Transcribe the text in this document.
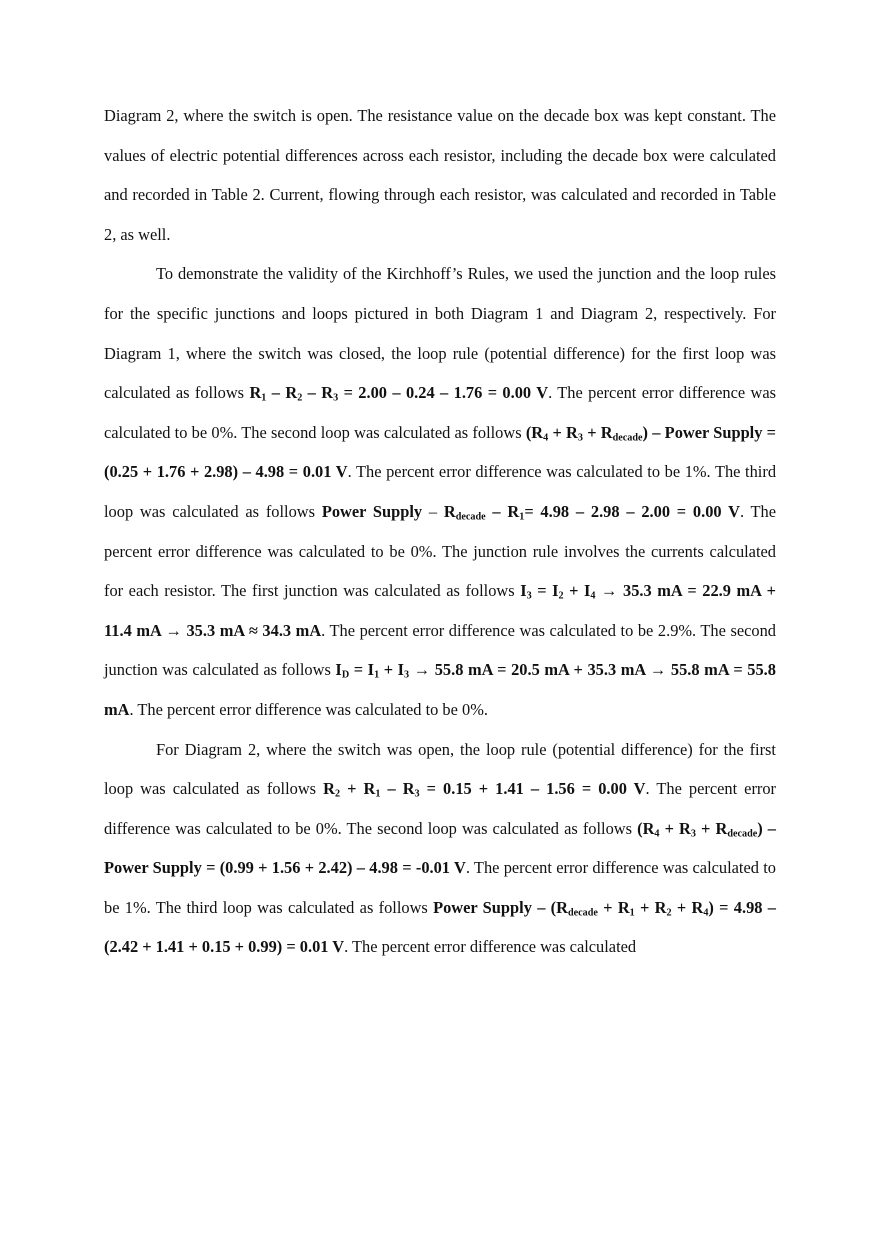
Diagram 2, where the switch is open. The resistance value on the decade box was kept constant. The values of electric potential differences across each resistor, including the decade box were calculated and recorded in Table 2. Current, flowing through each resistor, was calculated and recorded in Table 2, as well.

To demonstrate the validity of the Kirchhoff’s Rules, we used the junction and the loop rules for the specific junctions and loops pictured in both Diagram 1 and Diagram 2, respectively. For Diagram 1, where the switch was closed, the loop rule (potential difference) for the first loop was calculated as follows $R_1 - R_2 - R_3 = 2.00 - 0.24 - 1.76 = 0.00$ V. The percent error difference was calculated to be 0%. The second loop was calculated as follows $(R_4 + R_3 + R_{decade})$ – Power Supply = (0.25 + 1.76 + 2.98) – 4.98 = 0.01 V. The percent error difference was calculated to be 1%. The third loop was calculated as follows Power Supply – $R_{decade} - R_1= 4.98 - 2.98 - 2.00 = 0.00$ V. The percent error difference was calculated to be 0%. The junction rule involves the currents calculated for each resistor. The first junction was calculated as follows $I_3 = I_2 + I_4 \to 35.3$ mA = 22.9 mA + 11.4 mA → 35.3 mA ≈ 34.3 mA. The percent error difference was calculated to be 2.9%. The second junction was calculated as follows $I_D = I_1 + I_3 \to 55.8$ mA = 20.5 mA + 35.3 mA → 55.8 mA = 55.8 mA. The percent error difference was calculated to be 0%.

For Diagram 2, where the switch was open, the loop rule (potential difference) for the first loop was calculated as follows $R_2 + R_1 - R_3 = 0.15 + 1.41 - 1.56 = 0.00$ V. The percent error difference was calculated to be 0%. The second loop was calculated as follows $(R_4 + R_3 + R_{decade})$ – Power Supply = (0.99 + 1.56 + 2.42) – 4.98 = -0.01 V. The percent error difference was calculated to be 1%. The third loop was calculated as follows Power Supply – $(R_{decade} + R_1 + R_2 + R_4) = 4.98 - (2.42 + 1.41 + 0.15 + 0.99) = 0.01$ V. The percent error difference was calculated
